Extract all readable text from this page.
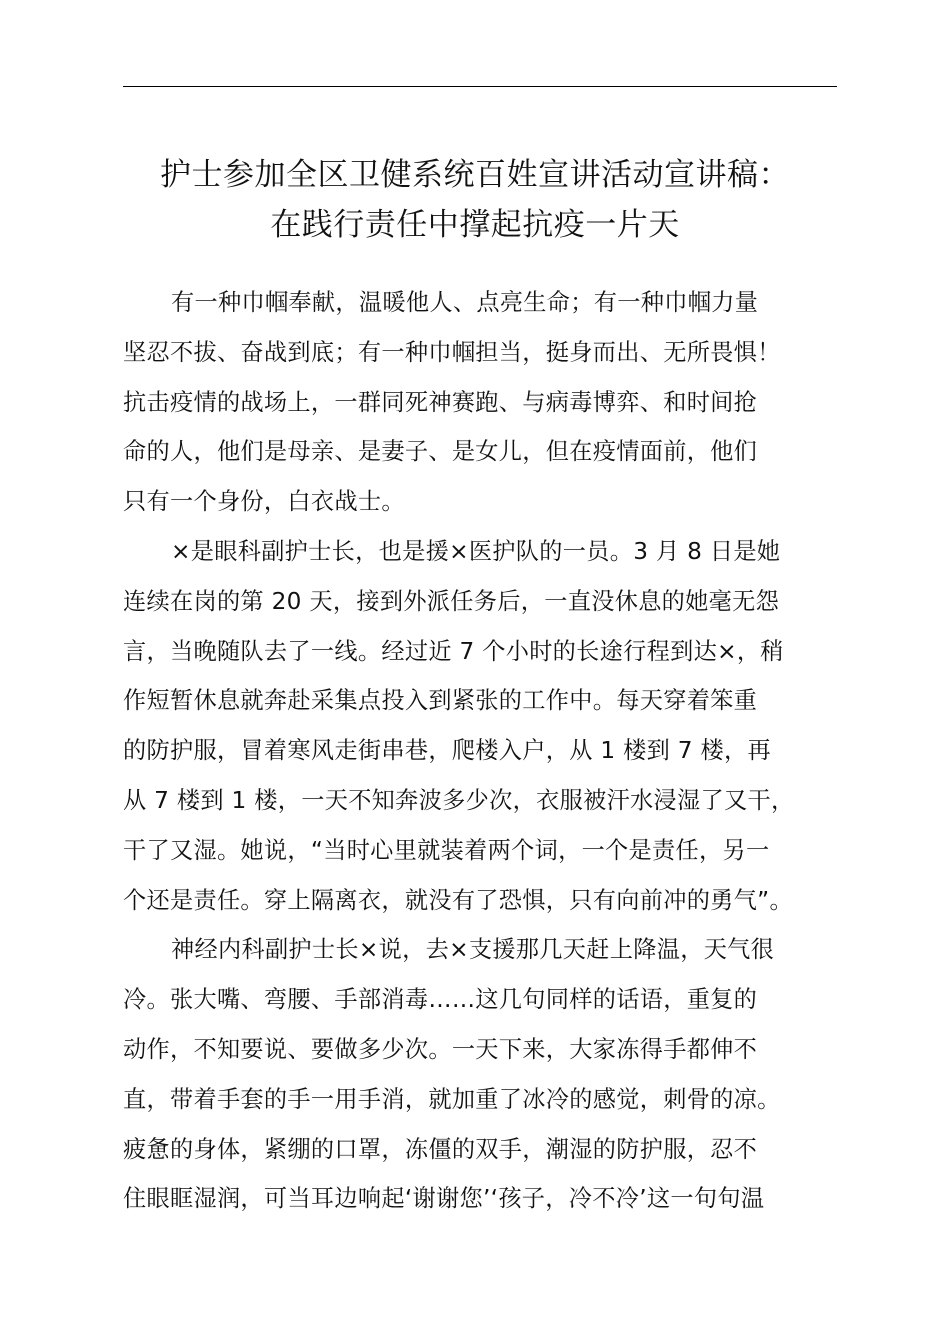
护士参加全区卫健系统百姓宣讲活动宣讲稿：
在践行责任中撑起抗疫一片天
有一种巾帼奉献，温暖他人、点亮生命；有一种巾帼力量
坚忍不拔、奋战到底；有一种巾帼担当，挺身而出、无所畏惧！
抗击疫情的战场上，一群同死神赛跑、与病毒博弈、和时间抢
命的人，他们是母亲、是妻子、是女儿，但在疫情面前，他们
只有一个身份，白衣战士。
×是眼科副护士长，也是援×医护队的一员。3 月 8 日是她
连续在岗的第 20 天，接到外派任务后，一直没休息的她毫无怨
言，当晚随队去了一线。经过近 7 个小时的长途行程到达×，稍
作短暂休息就奔赴采集点投入到紧张的工作中。每天穿着笨重
的防护服，冒着寒风走街串巷，爬楼入户，从 1 楼到 7 楼，再
从 7 楼到 1 楼，一天不知奔波多少次，衣服被汗水浸湿了又干，
干了又湿。她说，“当时心里就装着两个词，一个是责任，另一
个还是责任。穿上隔离衣，就没有了恐惧，只有向前冲的勇气”。
神经内科副护士长×说，去×支援那几天赶上降温，天气很
冷。张大嘴、弯腰、手部消毒……这几句同样的话语，重复的
动作，不知要说、要做多少次。一天下来，大家冻得手都伸不
直，带着手套的手一用手消，就加重了冰冷的感觉，刺骨的凉。
疲惫的身体，紧绷的口罩，冻僵的双手，潮湿的防护服，忍不
住眼眶湿润，可当耳边响起‘谢谢您’‘孩子，冷不冷’这一句句温
